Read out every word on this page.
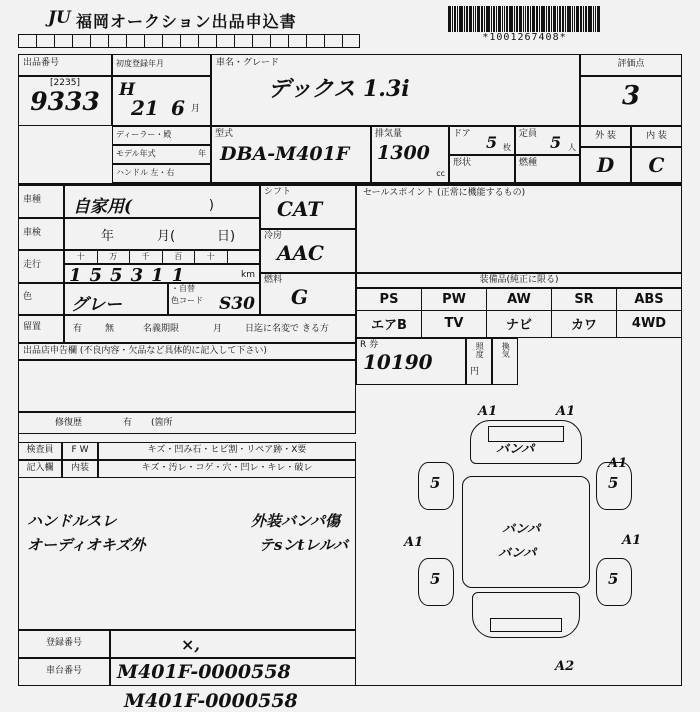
JU 福岡オークション出品申込書
*1001267408*
出品番号
[2235]
9333
初度登録年月
H
21 6 月
車名・グレード
デックス 1.3i
評価点
3
ディーラー・殿
モデル年式	年
ハンドル 左・右
型式
DBA-M401F
排気量
1300
cc
ドア 5 枚
定員 5 人
形状	燃種
外 装	内 装
D	C
車種	自家用(	)
車検	年	月(	日)
走行
十	万	千	百	十
155311	km
色	グレー
・自替
色コード S30
留置	有	無	名義期限	月	日迄に名変で きる方
シフト
CAT
冷房
AAC
燃料
G
セールスポイント (正常に機能するもの)
装備品(純正に限る)
PS	PW	AW	SR	ABS
エアB	TV	ナビ	カワ	4WD
R 券
10190
照度 換気
円
出品店申告欄 (不良内容・欠品など具体的に記入して下さい)
修復歴	有 (箇所
検査員
記入欄
F W	キズ・凹み石・ヒビ割・リペア跡・X要
内装	キズ・汚レ・コゲ・穴・凹レ・キレ・破レ
ハンドルスレ	外装バンパ傷
オーディオキズ外	テsンtレルバ
5	5
5	5
バンパ
バンパ
バンパ
A1	A1
A1
A1	A1
A2
登録番号	×,
車台番号	M401F-0000558
M401F-0000558
